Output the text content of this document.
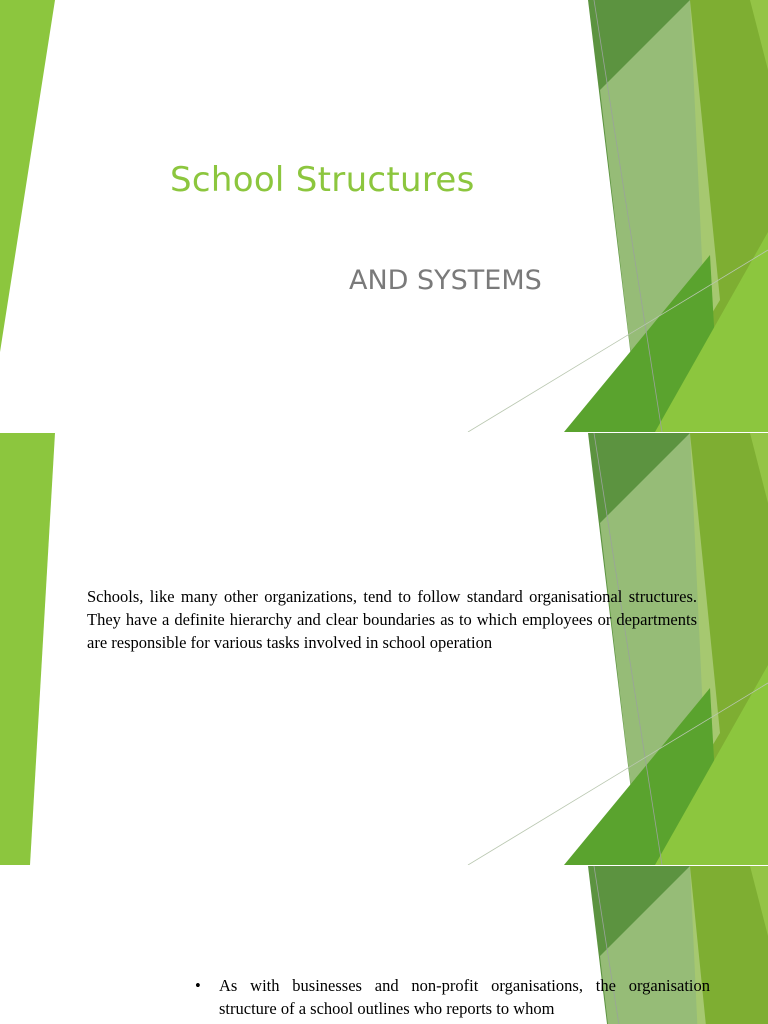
School Structures
AND SYSTEMS

Schools, like many other organizations, tend to follow standard organisational structures. They have a definite hierarchy and clear boundaries as to which employees or departments are responsible for various tasks involved in school operation

• As with businesses and non-profit organisations, the organisation structure of a school outlines who reports to whom
